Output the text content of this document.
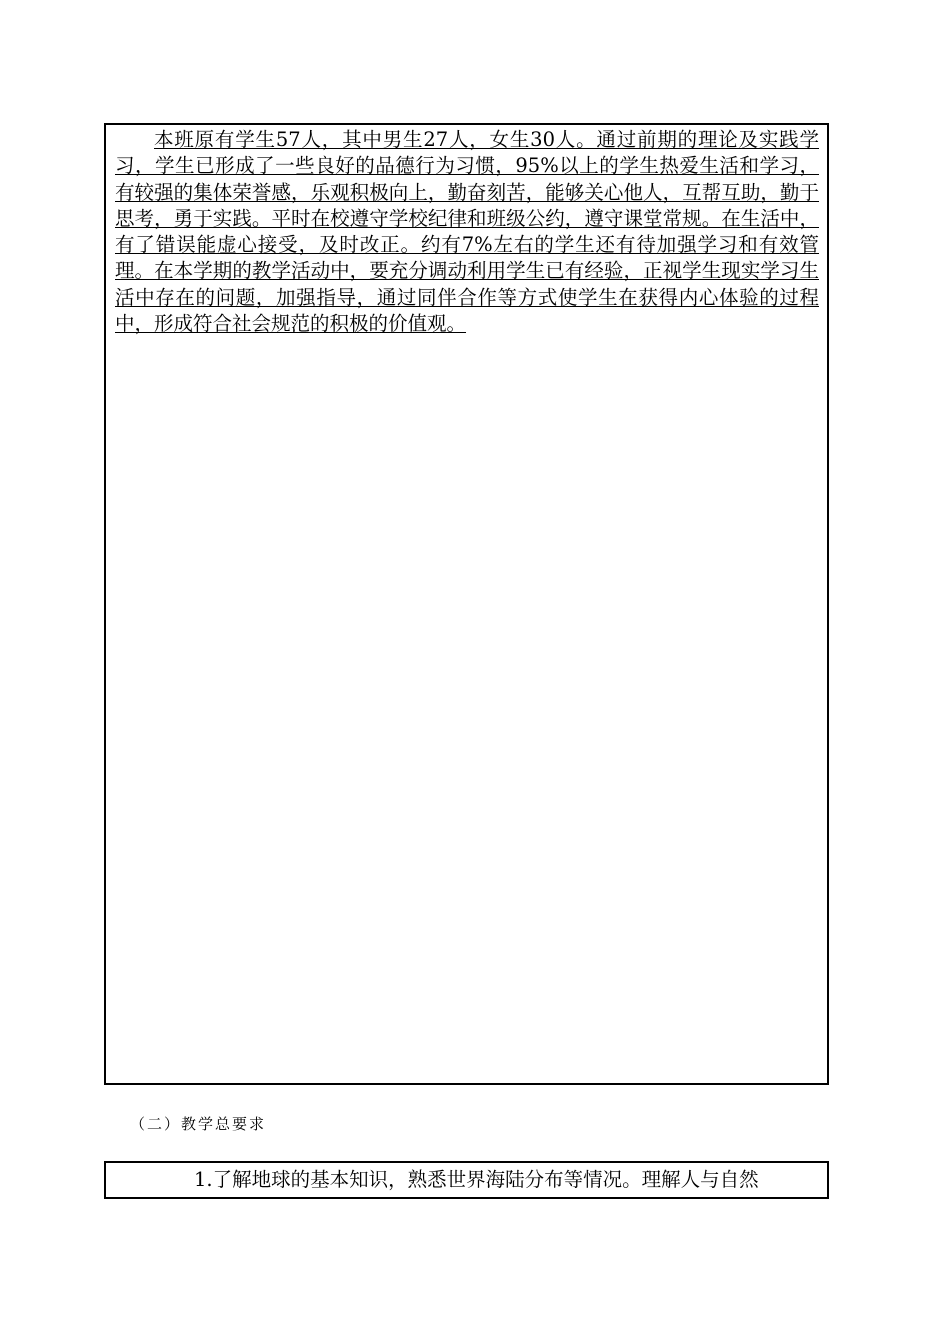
本班原有学生57人，其中男生27人，女生30人。通过前期的理论及实践学习，学生已形成了一些良好的品德行为习惯，95%以上的学生热爱生活和学习，有较强的集体荣誉感，乐观积极向上，勤奋刻苦，能够关心他人，互帮互助，勤于思考，勇于实践。平时在校遵守学校纪律和班级公约，遵守课堂常规。在生活中，有了错误能虚心接受，及时改正。约有7%左右的学生还有待加强学习和有效管理。在本学期的教学活动中，要充分调动利用学生已有经验，正视学生现实学习生活中存在的问题，加强指导，通过同伴合作等方式使学生在获得内心体验的过程中，形成符合社会规范的积极的价值观。

（二）教学总要求

1.了解地球的基本知识，熟悉世界海陆分布等情况。理解人与自然
